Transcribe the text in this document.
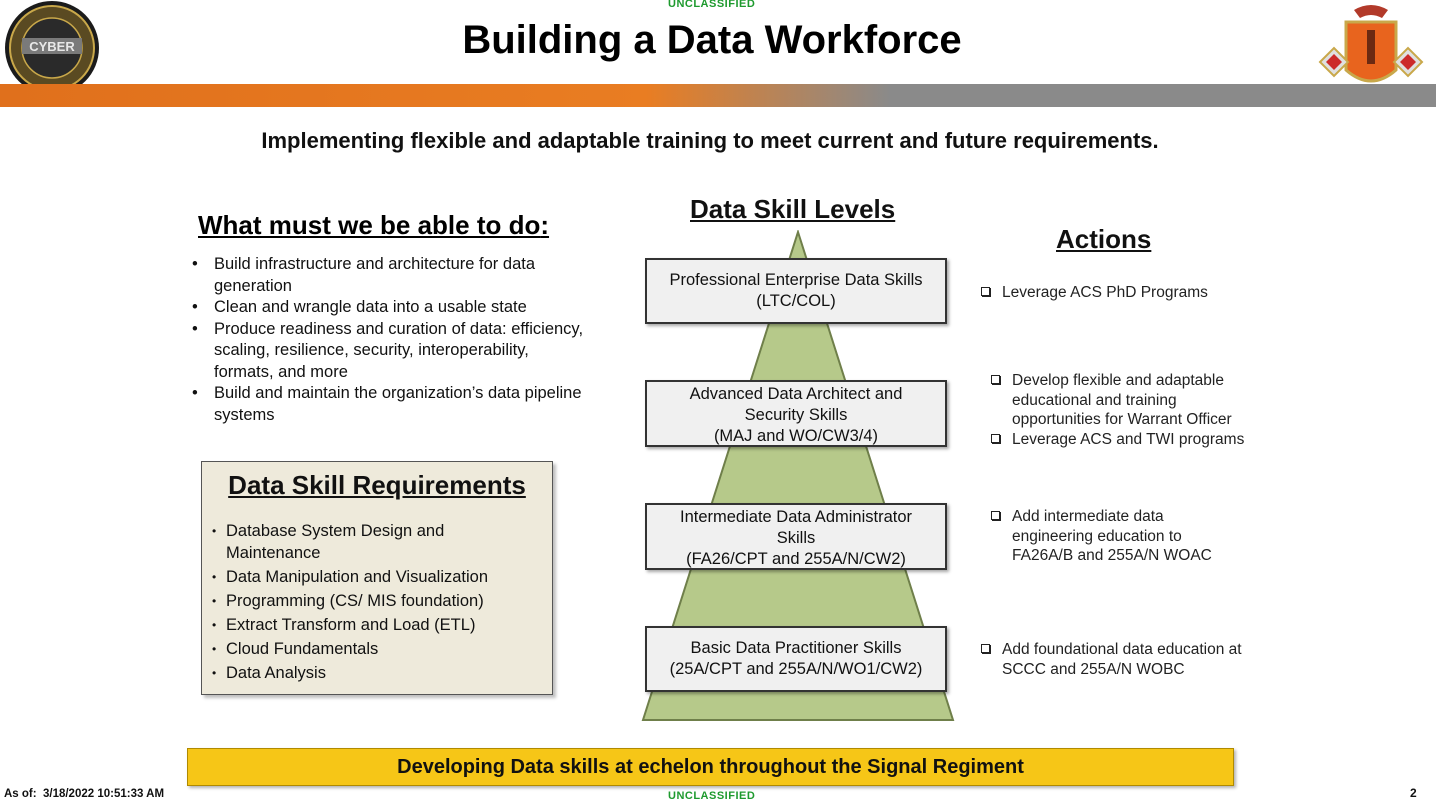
UNCLASSIFIED
CYBER	Building a Data Workforce
Implementing flexible and adaptable training to meet current and future requirements.
What must we be able to do:
• Build infrastructure and architecture for data generation
• Clean and wrangle data into a usable state
• Produce readiness and curation of data: efficiency, scaling, resilience, security, interoperability, formats, and more
• Build and maintain the organization’s data pipeline systems
Data Skill Requirements
• Database System Design and Maintenance
• Data Manipulation and Visualization
• Programming (CS/ MIS foundation)
• Extract Transform and Load (ETL)
• Cloud Fundamentals
• Data Analysis
Data Skill Levels
Professional Enterprise Data Skills
(LTC/COL)
Advanced Data Architect and
Security Skills
(MAJ and WO/CW3/4)
Intermediate Data Administrator
Skills
(FA26/CPT and 255A/N/CW2)
Basic Data Practitioner Skills
(25A/CPT and 255A/N/WO1/CW2)
Actions
Leverage ACS PhD Programs
Develop flexible and adaptable educational and training opportunities for Warrant Officer
Leverage ACS and TWI programs
Add intermediate data engineering education to FA26A/B and 255A/N WOAC
Add foundational data education at SCCC and 255A/N WOBC
Developing Data skills at echelon throughout the Signal Regiment
As of: 3/18/2022 10:51:33 AM	UNCLASSIFIED	2
